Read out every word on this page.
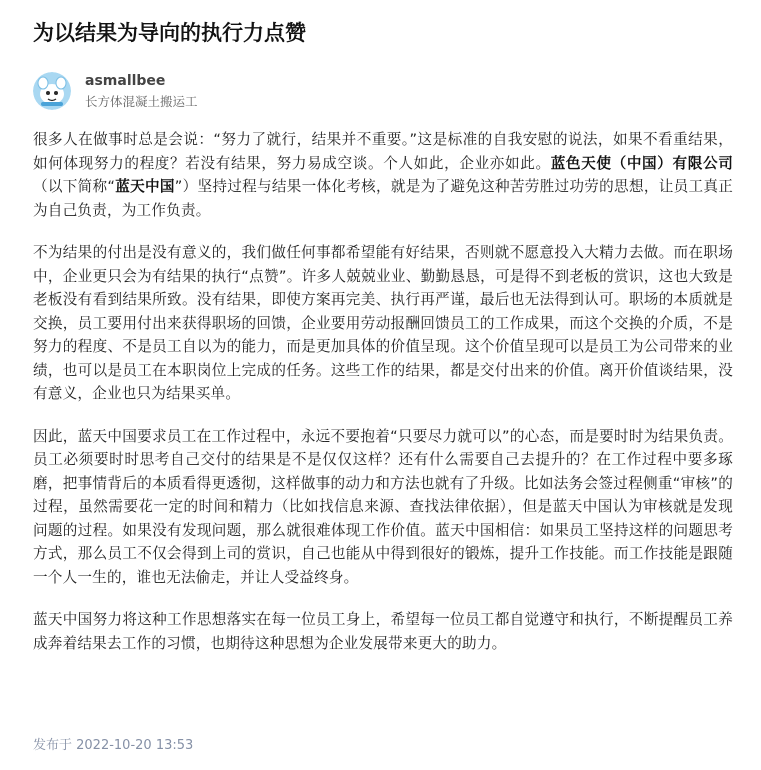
为以结果为导向的执行力点赞
asmallbee
长方体混凝土搬运工

很多人在做事时总是会说：“努力了就行，结果并不重要。”这是标准的自我安慰的说法，如果不看重结果，如何体现努力的程度？若没有结果，努力易成空谈。个人如此，企业亦如此。蓝色天使（中国）有限公司（以下简称“蓝天中国”）坚持过程与结果一体化考核，就是为了避免这种苦劳胜过功劳的思想，让员工真正为自己负责，为工作负责。

不为结果的付出是没有意义的，我们做任何事都希望能有好结果，否则就不愿意投入大精力去做。而在职场中，企业更只会为有结果的执行“点赞”。许多人兢兢业业、勤勤恳恳，可是得不到老板的赏识，这也大致是老板没有看到结果所致。没有结果，即使方案再完美、执行再严谨，最后也无法得到认可。职场的本质就是交换，员工要用付出来获得职场的回馈，企业要用劳动报酬回馈员工的工作成果，而这个交换的介质，不是努力的程度、不是员工自以为的能力，而是更加具体的价值呈现。这个价值呈现可以是员工为公司带来的业绩，也可以是员工在本职岗位上完成的任务。这些工作的结果，都是交付出来的价值。离开价值谈结果，没有意义，企业也只为结果买单。

因此，蓝天中国要求员工在工作过程中，永远不要抱着“只要尽力就可以”的心态，而是要时时为结果负责。员工必须要时时思考自己交付的结果是不是仅仅这样？还有什么需要自己去提升的？在工作过程中要多琢磨，把事情背后的本质看得更透彻，这样做事的动力和方法也就有了升级。比如法务会签过程侧重“审核”的过程，虽然需要花一定的时间和精力（比如找信息来源、查找法律依据），但是蓝天中国认为审核就是发现问题的过程。如果没有发现问题，那么就很难体现工作价值。蓝天中国相信：如果员工坚持这样的问题思考方式，那么员工不仅会得到上司的赏识，自己也能从中得到很好的锻炼，提升工作技能。而工作技能是跟随一个人一生的，谁也无法偷走，并让人受益终身。

蓝天中国努力将这种工作思想落实在每一位员工身上，希望每一位员工都自觉遵守和执行，不断提醒员工养成奔着结果去工作的习惯，也期待这种思想为企业发展带来更大的助力。

发布于 2022-10-20 13:53
